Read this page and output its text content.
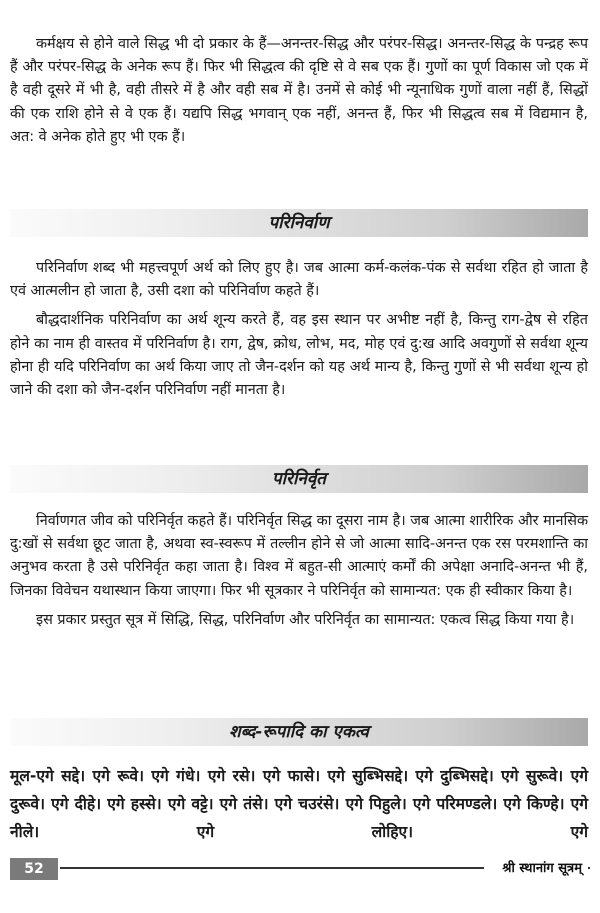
कर्मक्षय से होने वाले सिद्ध भी दो प्रकार के हैं—अनन्तर-सिद्ध और परंपर-सिद्ध। अनन्तर-सिद्ध के पन्द्रह रूप हैं और परंपर-सिद्ध के अनेक रूप हैं। फिर भी सिद्धत्व की दृष्टि से वे सब एक हैं। गुणों का पूर्ण विकास जो एक में है वही दूसरे में भी है, वही तीसरे में है और वही सब में है। उनमें से कोई भी न्यूनाधिक गुणों वाला नहीं हैं, सिद्धों की एक राशि होने से वे एक हैं। यद्यपि सिद्ध भगवान् एक नहीं, अनन्त हैं, फिर भी सिद्धत्व सब में विद्यमान है, अत: वे अनेक होते हुए भी एक हैं।

परिनिर्वाण

परिनिर्वाण शब्द भी महत्त्वपूर्ण अर्थ को लिए हुए है। जब आत्मा कर्म-कलंक-पंक से सर्वथा रहित हो जाता है एवं आत्मलीन हो जाता है, उसी दशा को परिनिर्वाण कहते हैं।

बौद्धदार्शनिक परिनिर्वाण का अर्थ शून्य करते हैं, वह इस स्थान पर अभीष्ट नहीं है, किन्तु राग-द्वेष से रहित होने का नाम ही वास्तव में परिनिर्वाण है। राग, द्वेष, क्रोध, लोभ, मद, मोह एवं दु:ख आदि अवगुणों से सर्वथा शून्य होना ही यदि परिनिर्वाण का अर्थ किया जाए तो जैन-दर्शन को यह अर्थ मान्य है, किन्तु गुणों से भी सर्वथा शून्य हो जाने की दशा को जैन-दर्शन परिनिर्वाण नहीं मानता है।

परिनिर्वृत

निर्वाणगत जीव को परिनिर्वृत कहते हैं। परिनिर्वृत सिद्ध का दूसरा नाम है। जब आत्मा शारीरिक और मानसिक दु:खों से सर्वथा छूट जाता है, अथवा स्व-स्वरूप में तल्लीन होने से जो आत्मा सादि-अनन्त एक रस परमशान्ति का अनुभव करता है उसे परिनिर्वृत कहा जाता है। विश्व में बहुत-सी आत्माएं कर्मों की अपेक्षा अनादि-अनन्त भी हैं, जिनका विवेचन यथास्थान किया जाएगा। फिर भी सूत्रकार ने परिनिर्वृत को सामान्यत: एक ही स्वीकार किया है।

इस प्रकार प्रस्तुत सूत्र में सिद्धि, सिद्ध, परिनिर्वाण और परिनिर्वृत का सामान्यत: एकत्व सिद्ध किया गया है।

शब्द-रूपादि का एकत्व

मूल-एगे सद्दे। एगे रूवे। एगे गंधे। एगे रसे। एगे फासे। एगे सुब्भिसद्दे। एगे दुब्भिसद्दे। एगे सुरूवे। एगे दुरूवे। एगे दीहे। एगे हस्से। एगे वट्टे। एगे तंसे। एगे चउरंसे। एगे पिहुले। एगे परिमण्डले। एगे किण्हे। एगे नीले। एगे लोहिए। एगे

52	श्री स्थानांग सूत्रम्
